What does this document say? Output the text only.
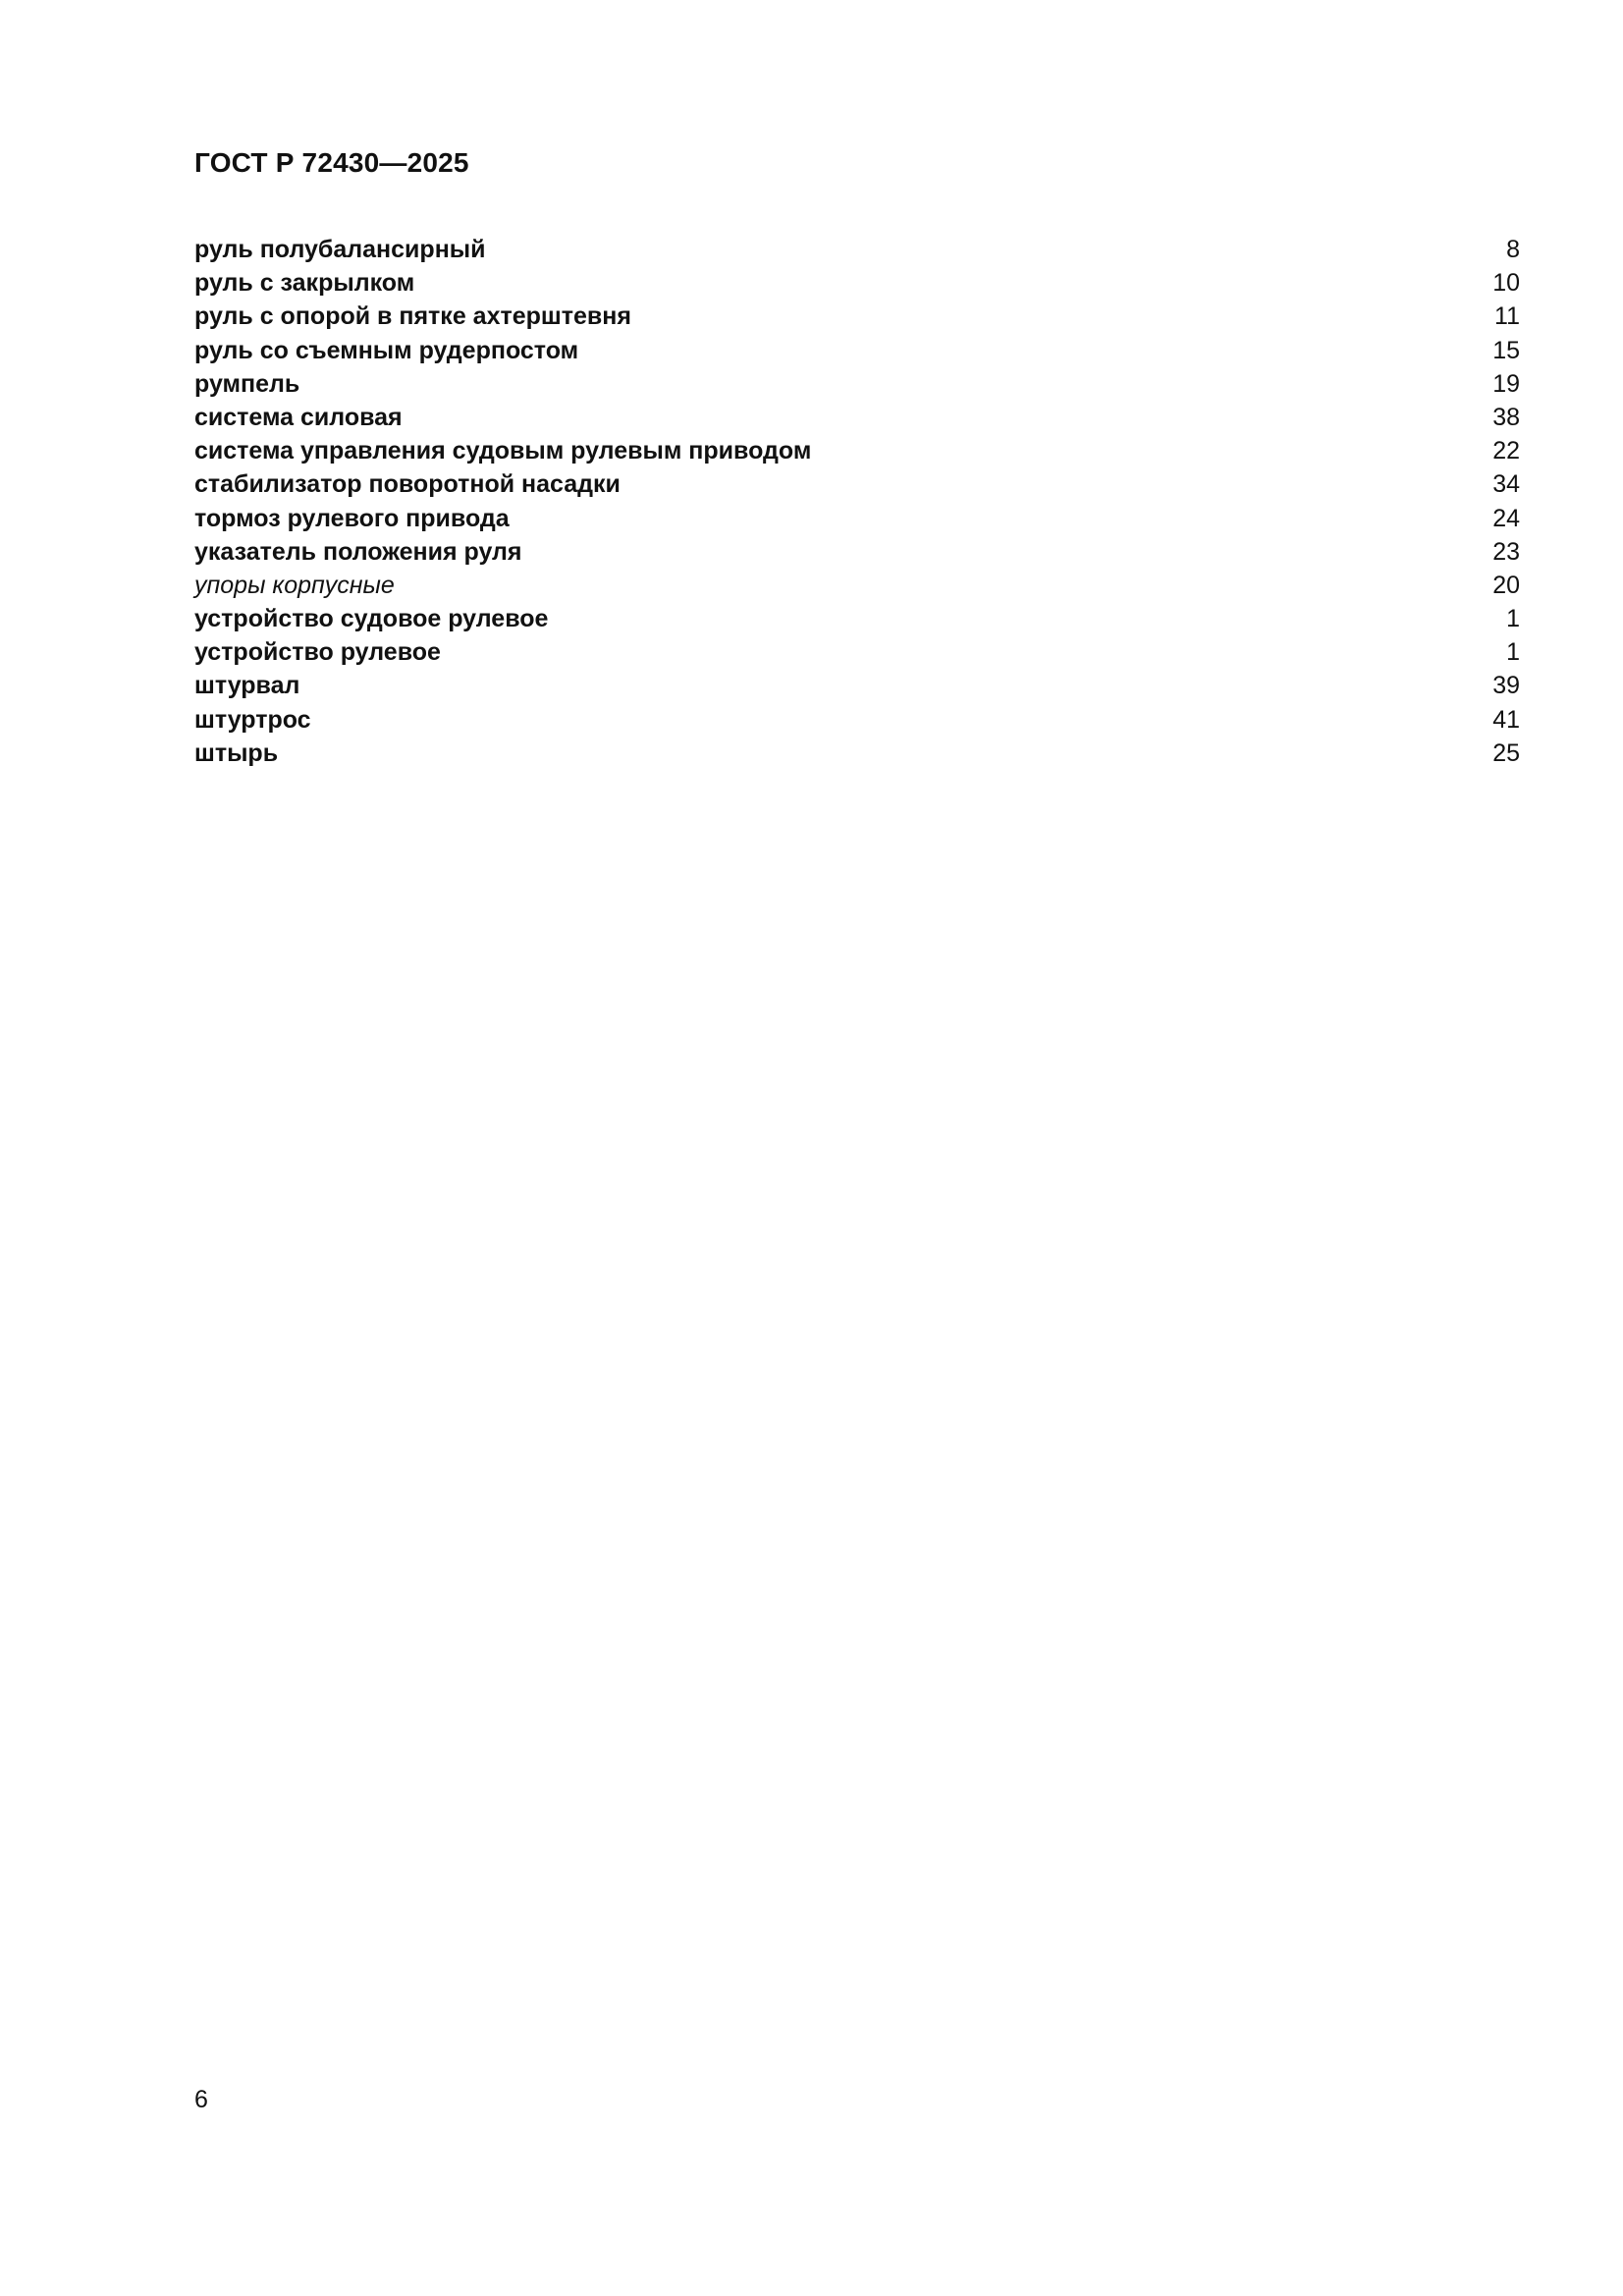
ГОСТ Р 72430—2025
руль полубалансирный	8
руль с закрылком	10
руль с опорой в пятке ахтерштевня	11
руль со съемным рудерпостом	15
румпель	19
система силовая	38
система управления судовым рулевым приводом	22
стабилизатор поворотной насадки	34
тормоз рулевого привода	24
указатель положения руля	23
упоры корпусные	20
устройство судовое рулевое	1
устройство рулевое	1
штурвал	39
штуртрос	41
штырь	25
6
